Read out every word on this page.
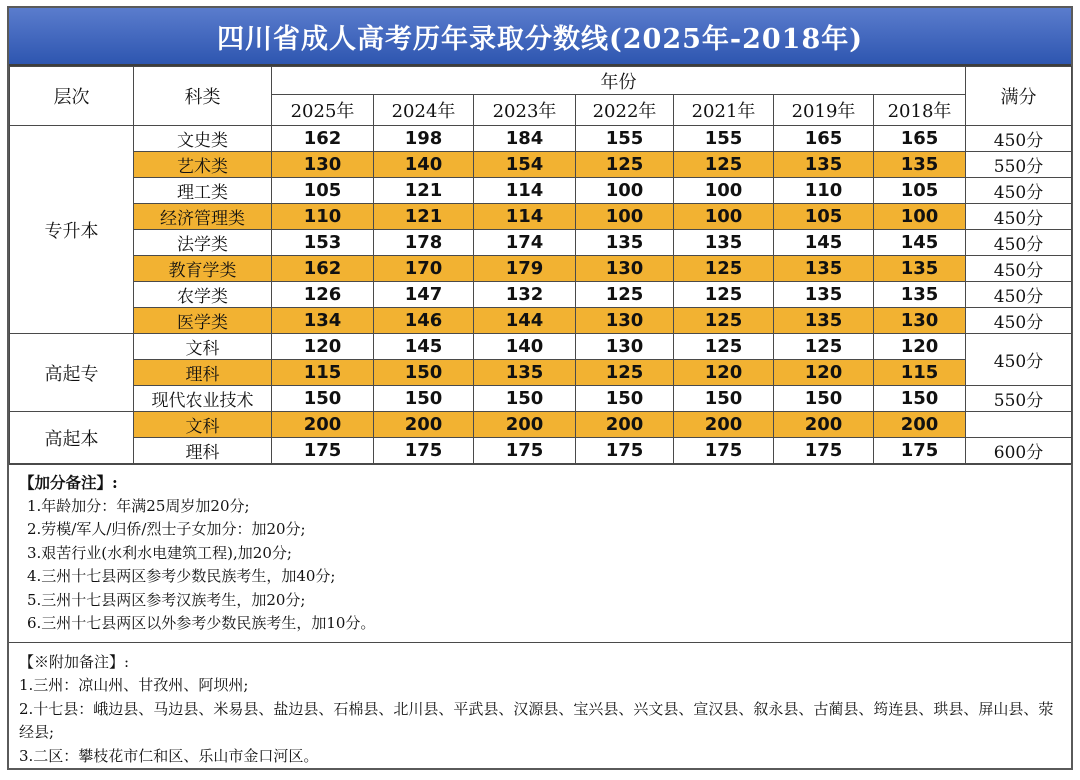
四川省成人高考历年录取分数线(2025年-2018年)
层次	科类	年份							满分
		2025年	2024年	2023年	2022年	2021年	2019年	2018年	
专升本	文史类	162	198	184	155	155	165	165	450分
	艺术类	130	140	154	125	125	135	135	550分
	理工类	105	121	114	100	100	110	105	450分
	经济管理类	110	121	114	100	100	105	100	450分
	法学类	153	178	174	135	135	145	145	450分
	教育学类	162	170	179	130	125	135	135	450分
	农学类	126	147	132	125	125	135	135	450分
	医学类	134	146	144	130	125	135	130	450分
高起专	文科	120	145	140	130	125	125	120	450分
	理科	115	150	135	125	120	120	115	
	现代农业技术	150	150	150	150	150	150	150	550分
高起本	文科	200	200	200	200	200	200	200	
	理科	175	175	175	175	175	175	175	600分
【加分备注】:
1.年龄加分：年满25周岁加20分;
2.劳模/军人/归侨/烈士子女加分：加20分;
3.艰苦行业(水利水电建筑工程),加20分;
4.三州十七县两区参考少数民族考生，加40分;
5.三州十七县两区参考汉族考生，加20分;
6.三州十七县两区以外参考少数民族考生，加10分。
【※附加备注】:
1.三州：凉山州、甘孜州、阿坝州;
2.十七县：峨边县、马边县、米易县、盐边县、石棉县、北川县、平武县、汉源县、宝兴县、兴文县、宣汉县、叙永县、古蔺县、筠连县、珙县、屏山县、荥经县;
3.二区：攀枝花市仁和区、乐山市金口河区。
